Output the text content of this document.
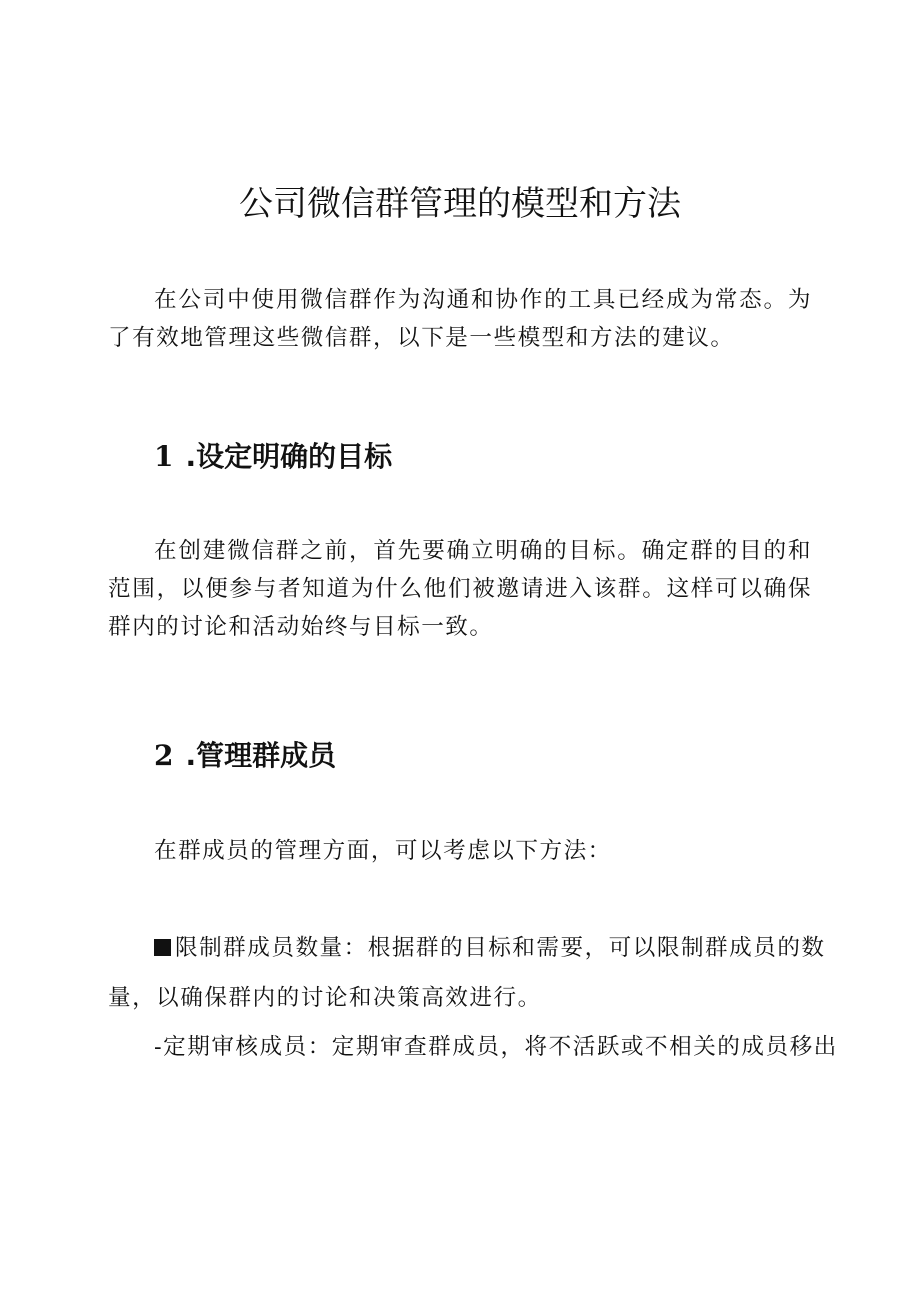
公司微信群管理的模型和方法

在公司中使用微信群作为沟通和协作的工具已经成为常态。为了有效地管理这些微信群，以下是一些模型和方法的建议。

1 .设定明确的目标

在创建微信群之前，首先要确立明确的目标。确定群的目的和范围，以便参与者知道为什么他们被邀请进入该群。这样可以确保群内的讨论和活动始终与目标一致。

2 .管理群成员

在群成员的管理方面，可以考虑以下方法：

限制群成员数量：根据群的目标和需要，可以限制群成员的数
量，以确保群内的讨论和决策高效进行。
-定期审核成员：定期审查群成员，将不活跃或不相关的成员移出
